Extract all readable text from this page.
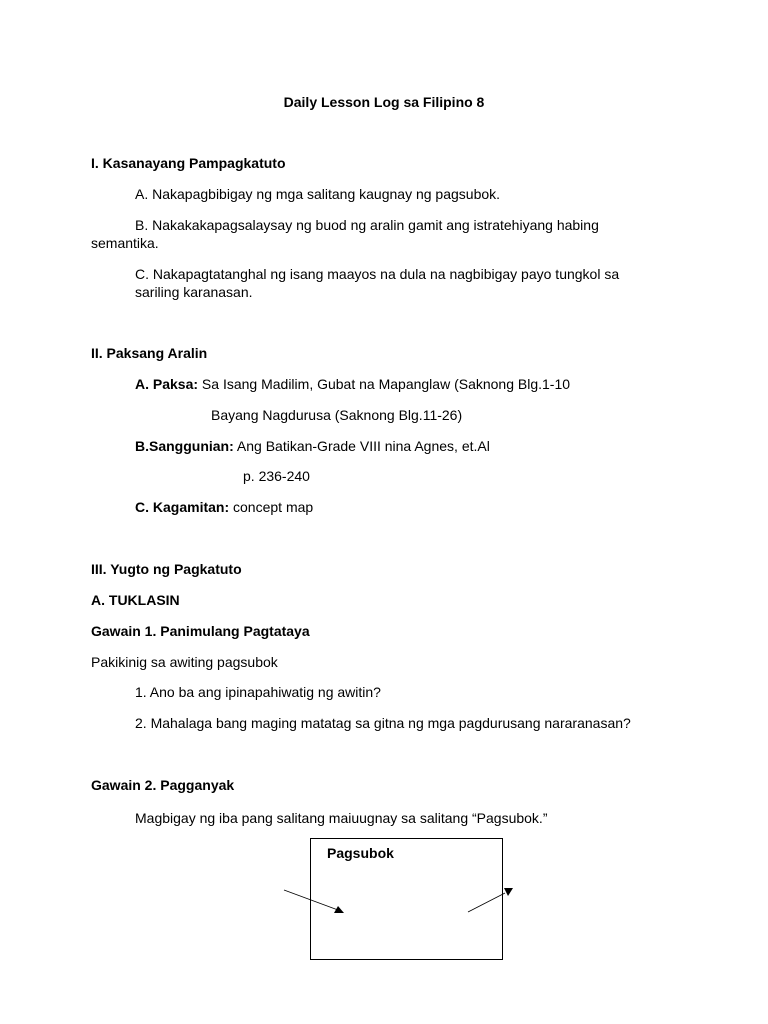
Daily Lesson Log sa Filipino 8
I. Kasanayang Pampagkatuto
A. Nakapagbibigay ng mga salitang kaugnay ng pagsubok.
B. Nakakakapagsalaysay ng buod ng aralin gamit ang istratehiyang habing
semantika.
C. Nakapagtatanghal ng isang maayos na dula na nagbibigay payo tungkol sa
sariling karanasan.
II. Paksang Aralin
A. Paksa: Sa Isang Madilim, Gubat na Mapanglaw (Saknong Blg.1-10
Bayang Nagdurusa (Saknong Blg.11-26)
B.Sanggunian: Ang Batikan-Grade VIII nina Agnes, et.Al
p. 236-240
C. Kagamitan: concept map
III. Yugto ng Pagkatuto
A. TUKLASIN
Gawain 1. Panimulang Pagtataya
Pakikinig sa awiting pagsubok
1. Ano ba ang ipinapahiwatig ng awitin?
2. Mahalaga bang maging matatag sa gitna ng mga pagdurusang nararanasan?
Gawain 2. Pagganyak
Magbigay ng iba pang salitang maiuugnay sa salitang “Pagsubok.”
Pagsubok
